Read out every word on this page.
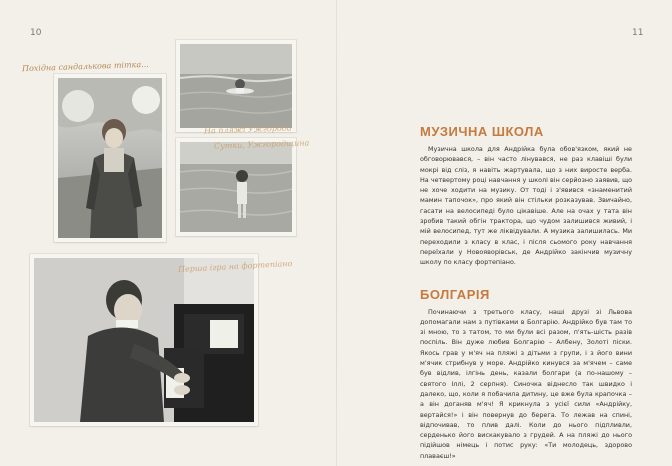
10	11
Похідна сандалькова тітка...
На пляжі Ужгорода
Сутки, Ужгородщина
Перша ігра на фортепіано
МУЗИЧНА ШКОЛА

Музична школа для Андрійка була обов'язком, який не обговорювався, – він часто лінувався, не раз клавіші були мокрі від сліз, я навіть жартувала, що з них виросте верба. На четвертому році навчання у школі він серйозно заявив, що не хоче ходити на музику. От тоді і з'явився «знаменитий мамин тапочок», про який він стільки розказував. Звичайно, гасати на велосипеді було цікавіше. Але на очах у тата він зробив такий обгін трактора, що чудом залишився живий, і мій велосипед, тут же ліквідували. А музика залишилась. Ми переходили з класу в клас, і після сьомого року навчання переїхали у Новояворівськ, де Андрійко закінчив музичну школу по класу фортепіано.

БОЛГАРІЯ

Починаючи з третього класу, наші друзі зі Львова допомагали нам з путівками в Болгарію. Андрійко був там то зі мною, то з татом, то ми були всі разом, п'ять-шість разів поспіль. Він дуже любив Болгарію – Албену, Золоті піски. Якось грав у м'яч на пляжі з дітьми з групи, і з його вини м'ячик стрибнув у море. Андрійко кинувся за м'ячем – саме був відлив, ілгінь день, казали болгари (а по-нашому – святого Іллі, 2 серпня). Синочка віднесло так швидко і далеко, що, коли я побачила дитину, це вже була крапочка – а він доганяв м'яч! Я крикнула з усієї сили «Андрійку, вертайся!» і він повернув до берега. То лежав на спині, відпочивав, то плив далі. Коли до нього підпливли, серденько його вискакувало з грудей. А на пляжі до нього підійшов німець і потис руку: «Ти молодець, здорово плаваєш!»
